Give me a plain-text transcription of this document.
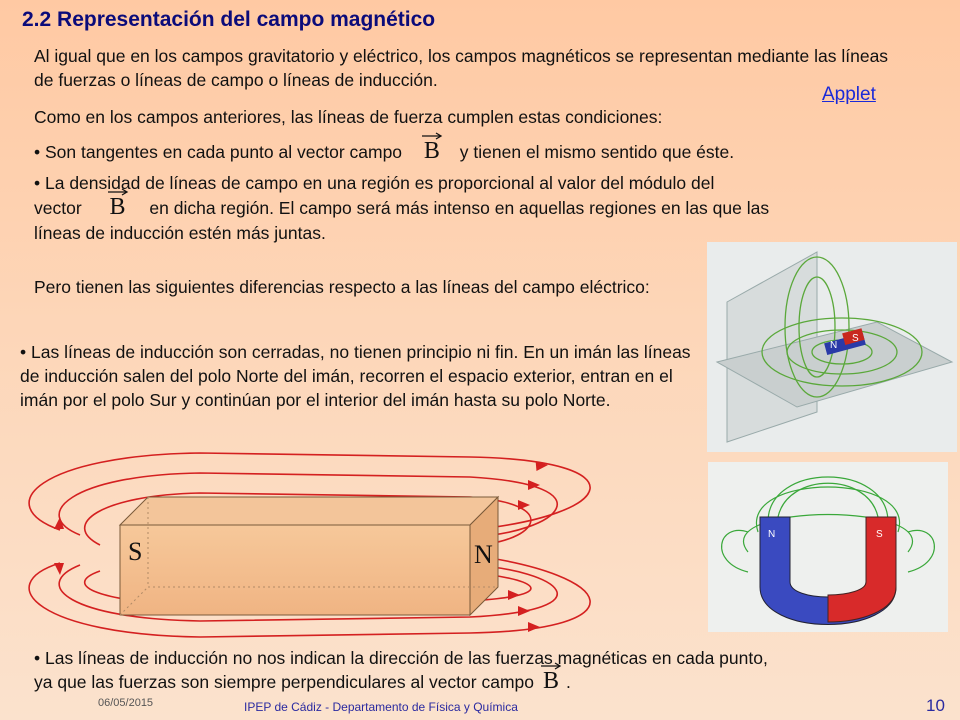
2.2 Representación del campo magnético
Al igual que en los campos gravitatorio y eléctrico, los campos magnéticos se representan mediante las líneas de fuerzas o líneas de campo o líneas de inducción.
Applet
Como en los campos anteriores, las líneas de fuerza cumplen estas condiciones:
• Son tangentes en cada punto al vector campo B y tienen el mismo sentido que éste.
• La densidad de líneas de campo en una región es proporcional al valor del módulo del
vector B en dicha región. El campo será más intenso en aquellas regiones en las que las
líneas de inducción estén más juntas.
Pero tienen las siguientes diferencias respecto a las líneas del campo eléctrico:
• Las líneas de inducción son cerradas, no tienen principio ni fin. En un imán las líneas de inducción salen del polo Norte del imán, recorren el espacio exterior, entran en el imán por el polo Sur y continúan por el interior del imán hasta su polo Norte.
• Las líneas de inducción no nos indican la dirección de las fuerzas magnéticas en cada punto,
ya que las fuerzas son siempre perpendiculares al vector campo B .
S	N
N
S
N	S
06/05/2015	IPEP de Cádiz - Departamento de Física y Química	10
